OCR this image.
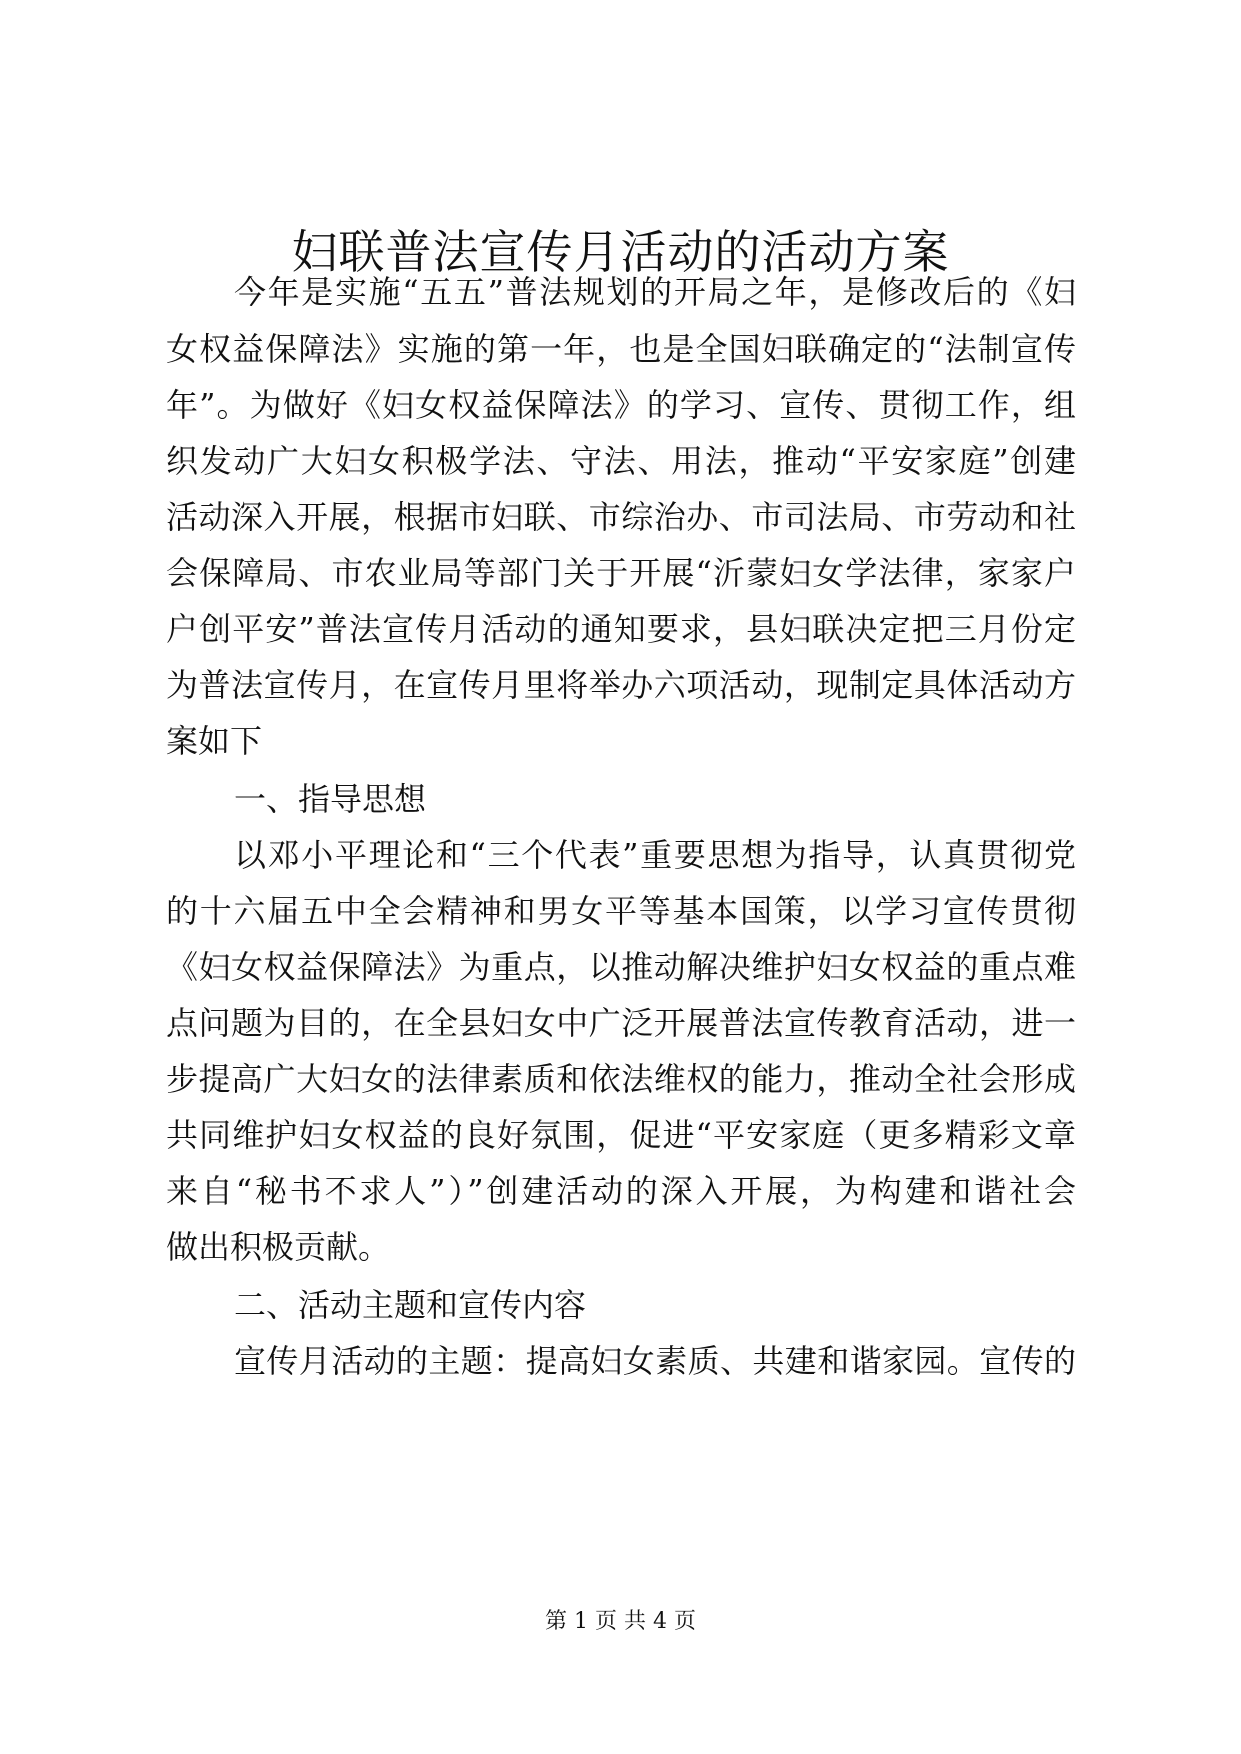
妇联普法宣传月活动的活动方案
今年是实施“五五”普法规划的开局之年，是修改后的《妇
女权益保障法》实施的第一年，也是全国妇联确定的“法制宣传
年”。为做好《妇女权益保障法》的学习、宣传、贯彻工作，组
织发动广大妇女积极学法、守法、用法，推动“平安家庭”创建
活动深入开展，根据市妇联、市综治办、市司法局、市劳动和社
会保障局、市农业局等部门关于开展“沂蒙妇女学法律，家家户
户创平安”普法宣传月活动的通知要求，县妇联决定把三月份定
为普法宣传月，在宣传月里将举办六项活动，现制定具体活动方
案如下
一、指导思想
以邓小平理论和“三个代表”重要思想为指导，认真贯彻党
的十六届五中全会精神和男女平等基本国策，以学习宣传贯彻
《妇女权益保障法》为重点，以推动解决维护妇女权益的重点难
点问题为目的，在全县妇女中广泛开展普法宣传教育活动，进一
步提高广大妇女的法律素质和依法维权的能力，推动全社会形成
共同维护妇女权益的良好氛围，促进“平安家庭（更多精彩文章
来自“秘书不求人”）”创建活动的深入开展，为构建和谐社会
做出积极贡献。
二、活动主题和宣传内容
宣传月活动的主题：提高妇女素质、共建和谐家园。宣传的
第 1 页 共 4 页
